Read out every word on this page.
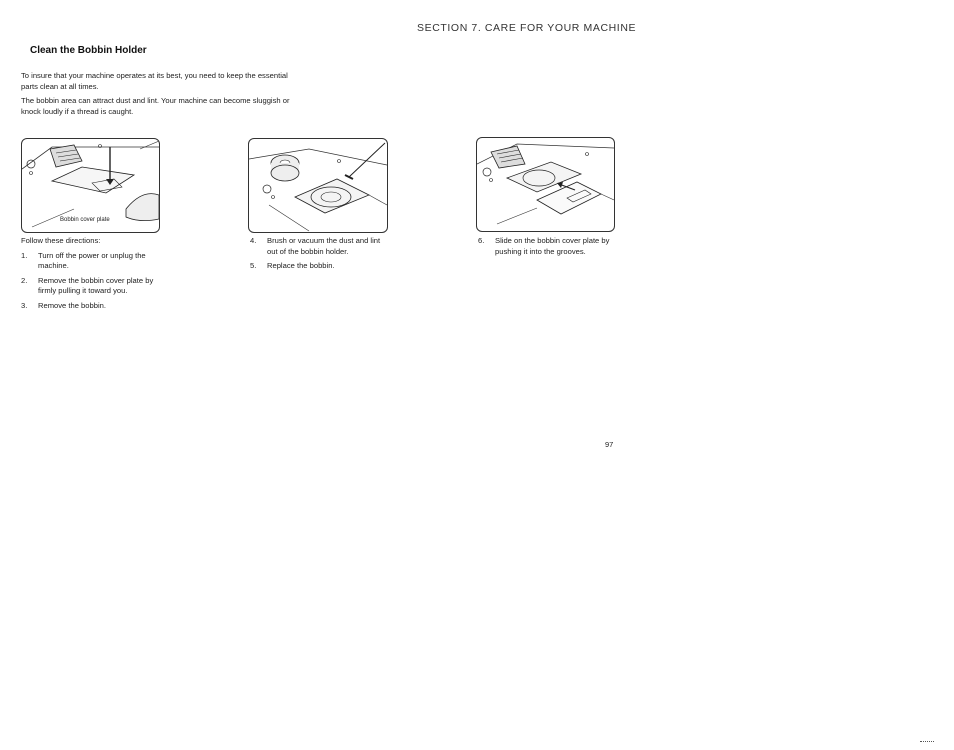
SECTION 7. CARE FOR YOUR MACHINE
Clean the Bobbin Holder
To insure that your machine operates at its best, you need to keep the essential parts clean at all times.
The bobbin area can attract dust and lint. Your machine can become sluggish or knock loudly if a thread is caught.
Bobbin cover plate
Follow these directions:
1.	Turn off the power or unplug the machine.
2.	Remove the bobbin cover plate by firmly pulling it toward you.
3.	Remove the bobbin.
4.	Brush or vacuum the dust and lint out of the bobbin holder.
5.	Replace the bobbin.
6.	Slide on the bobbin cover plate by pushing it into the grooves.
97
